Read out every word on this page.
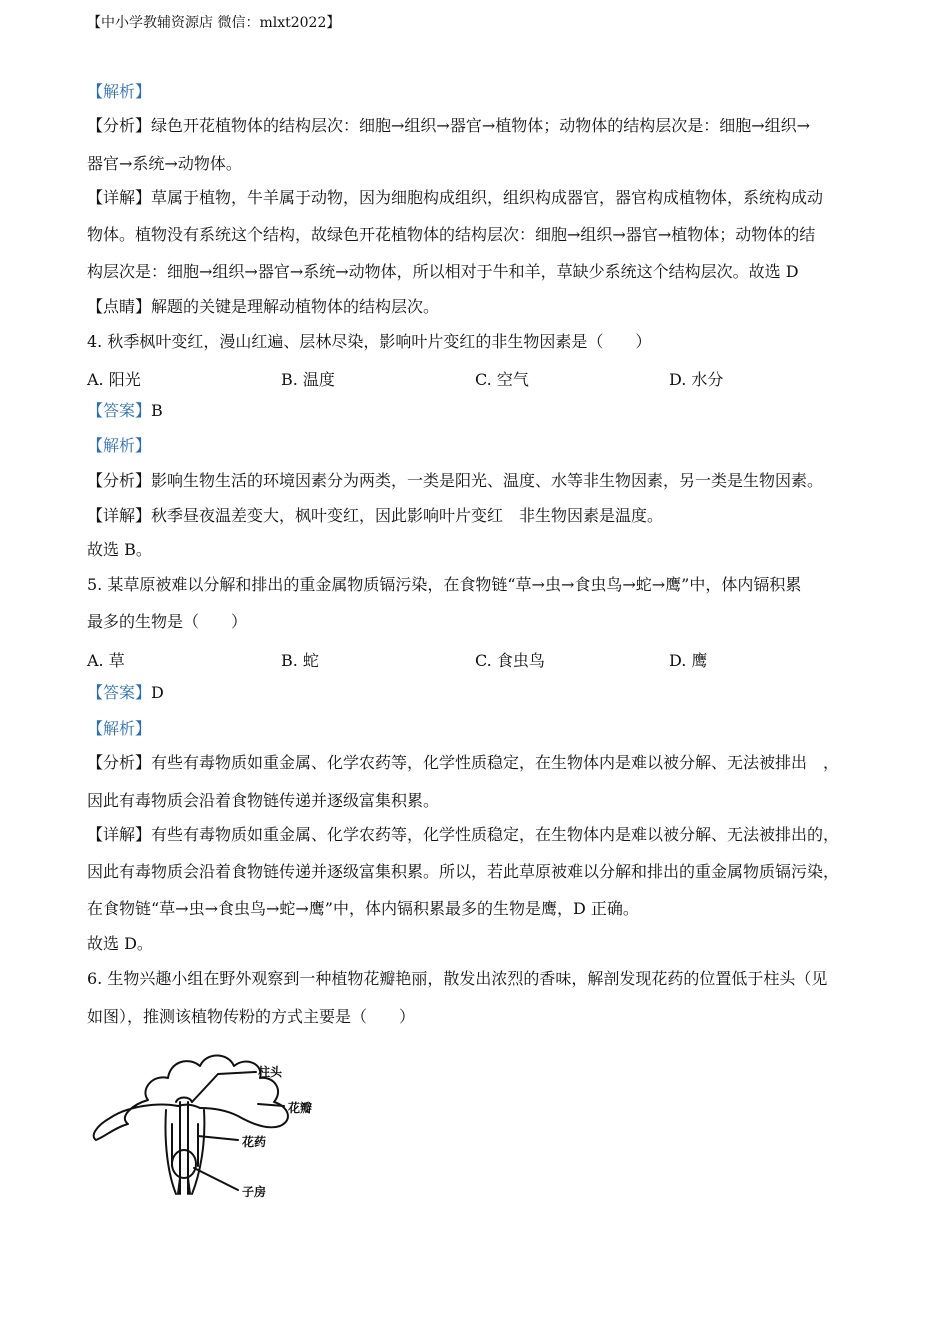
【中小学教辅资源店 微信：mlxt2022】
【解析】
【分析】绿色开花植物体的结构层次：细胞→组织→器官→植物体；动物体的结构层次是：细胞→组织→
器官→系统→动物体。
【详解】草属于植物，牛羊属于动物，因为细胞构成组织，组织构成器官，器官构成植物体，系统构成动
物体。植物没有系统这个结构，故绿色开花植物体的结构层次：细胞→组织→器官→植物体；动物体的结
构层次是：细胞→组织→器官→系统→动物体，所以相对于牛和羊，草缺少系统这个结构层次。故选 D
【点睛】解题的关键是理解动植物体的结构层次。
4. 秋季枫叶变红，漫山红遍、层林尽染，影响叶片变红的非生物因素是（　　）
A. 阳光	B. 温度	C. 空气	D. 水分
【答案】B
【解析】
【分析】影响生物生活的环境因素分为两类，一类是阳光、温度、水等非生物因素，另一类是生物因素。
【详解】秋季昼夜温差变大，枫叶变红，因此影响叶片变红　非生物因素是温度。
故选 B。
5. 某草原被难以分解和排出的重金属物质镉污染，在食物链“草→虫→食虫鸟→蛇→鹰”中，体内镉积累
最多的生物是（　　）
A. 草	B. 蛇	C. 食虫鸟	D. 鹰
【答案】D
【解析】
【分析】有些有毒物质如重金属、化学农药等，化学性质稳定，在生物体内是难以被分解、无法被排出　，
因此有毒物质会沿着食物链传递并逐级富集积累。
【详解】有些有毒物质如重金属、化学农药等，化学性质稳定，在生物体内是难以被分解、无法被排出的，
因此有毒物质会沿着食物链传递并逐级富集积累。所以，若此草原被难以分解和排出的重金属物质镉污染，
在食物链“草→虫→食虫鸟→蛇→鹰”中，体内镉积累最多的生物是鹰，D 正确。
故选 D。
6. 生物兴趣小组在野外观察到一种植物花瓣艳丽，散发出浓烈的香味，解剖发现花药的位置低于柱头（见
如图），推测该植物传粉的方式主要是（　　）
柱头
花瓣
花药
子房
